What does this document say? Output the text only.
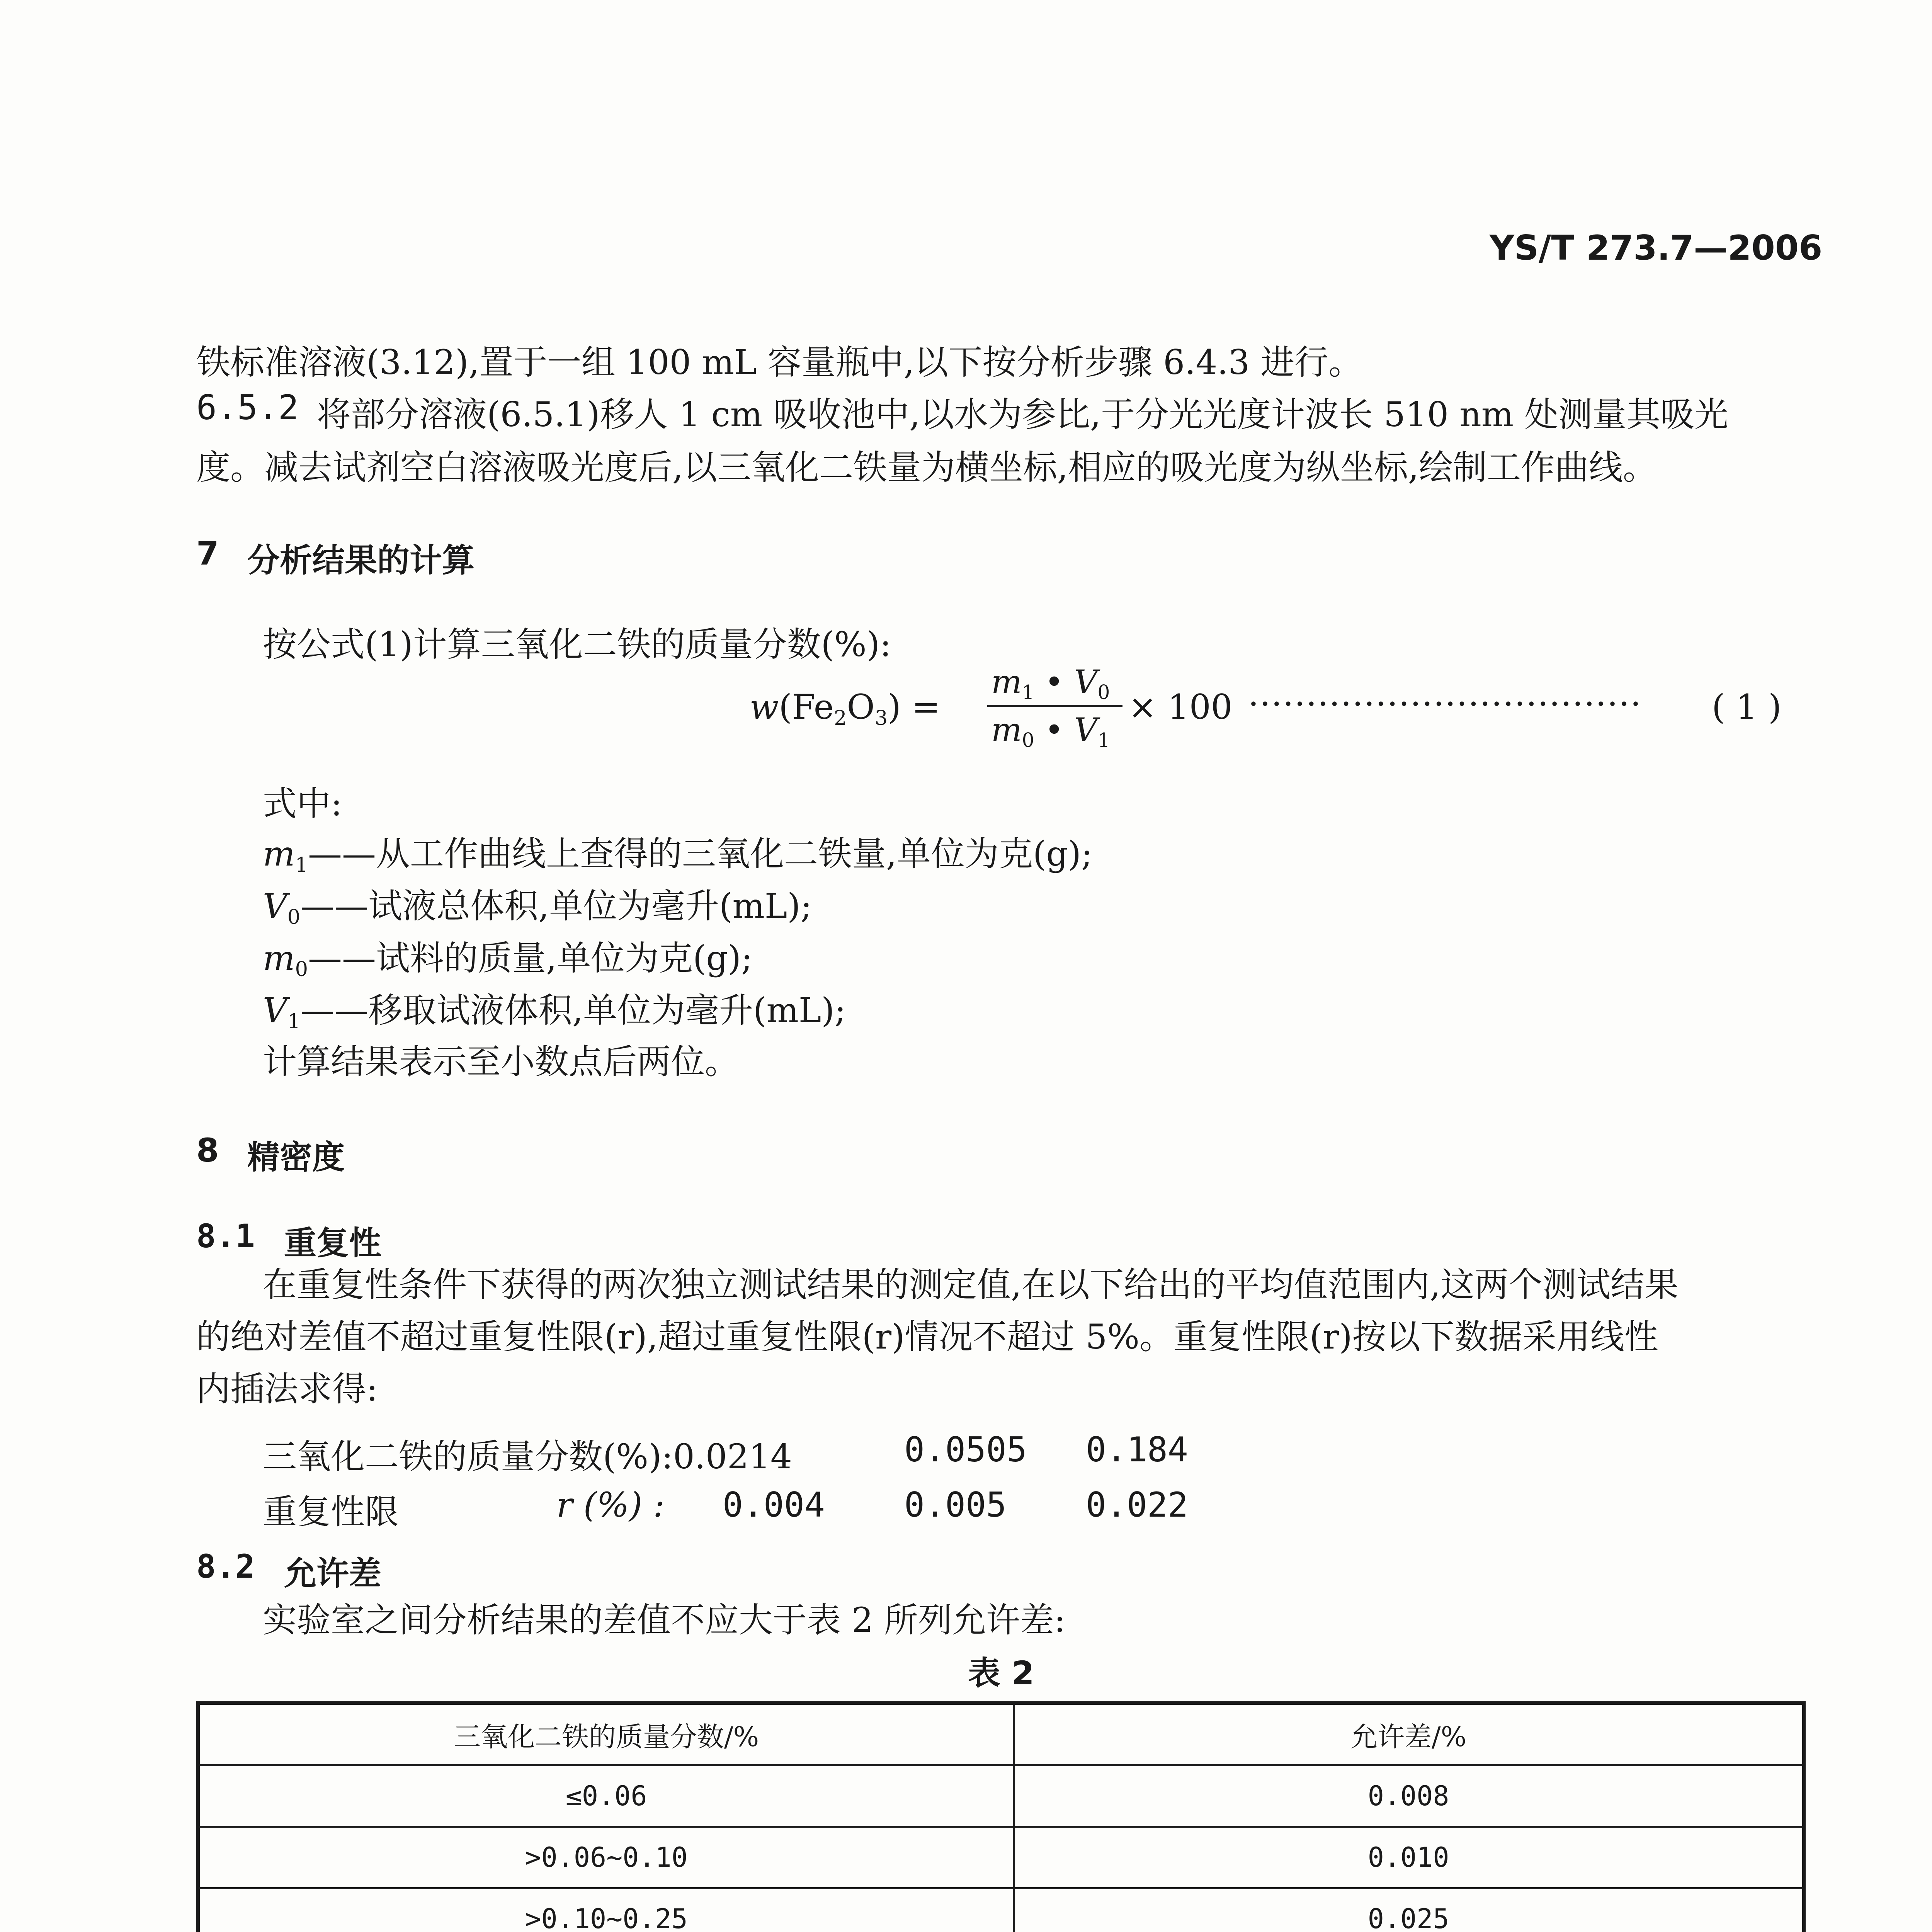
YS/T 273.7—2006
铁标准溶液(3.12),置于一组 100 mL 容量瓶中,以下按分析步骤 6.4.3 进行。
6.5.2 将部分溶液(6.5.1)移人 1 cm 吸收池中,以水为参比,于分光光度计波长 510 nm 处测量其吸光
度。减去试剂空白溶液吸光度后,以三氧化二铁量为横坐标,相应的吸光度为纵坐标,绘制工作曲线。
7 分析结果的计算
按公式(1)计算三氧化二铁的质量分数(%):
$w(Fe_2O_3)$ =
$m_1$ • $V_0$
$m_0$ • $V_1$
× 100 ·································· ( 1 )
式中:
$m_1——$从工作曲线上查得的三氧化二铁量,单位为克(g);
$V_0——$试液总体积,单位为毫升(mL);
$m_0——$试料的质量,单位为克(g);
$V_1——$移取试液体积,单位为毫升(mL);
计算结果表示至小数点后两位。
8 精密度
8.1 重复性
在重复性条件下获得的两次独立测试结果的测定值,在以下给出的平均值范围内,这两个测试结果
的绝对差值不超过重复性限(r),超过重复性限(r)情况不超过 5%。重复性限(r)按以下数据采用线性
内插法求得:
三氧化二铁的质量分数(%):0.0214	0.0505 0.184
重复性限	r (%) : 0.004 0.005 0.022
8.2 允许差
实验室之间分析结果的差值不应大于表 2 所列允许差:
表 2
三氧化二铁的质量分数/%	允许差/%
≤0.06	0.008
>0.06~0.10	0.010
>0.10~0.25	0.025
